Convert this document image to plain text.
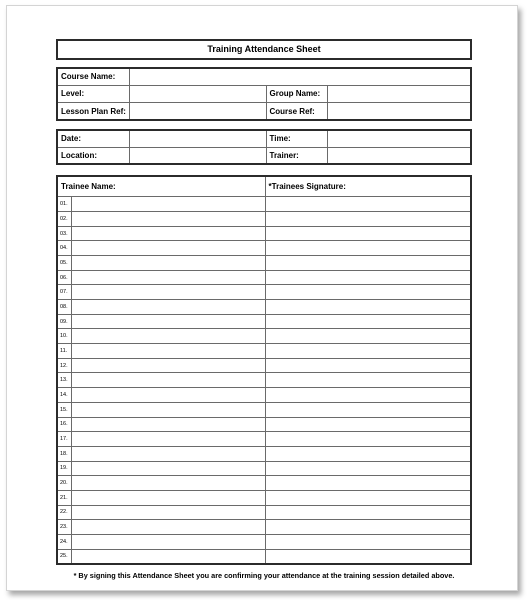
Training Attendance Sheet
Course Name:			
Level:		Group Name:	
Lesson Plan Ref:		Course Ref:	
Date:		Time:	
Location:		Trainer:	
Trainee Name:		*Trainees Signature:
01.		
02.		
03.		
04.		
05.		
06.		
07.		
08.		
09.		
10.		
11.		
12.		
13.		
14.		
15.		
16.		
17.		
18.		
19.		
20.		
21.		
22.		
23.		
24.		
25.		
* By signing this Attendance Sheet you are confirming your attendance at the training session detailed above.
